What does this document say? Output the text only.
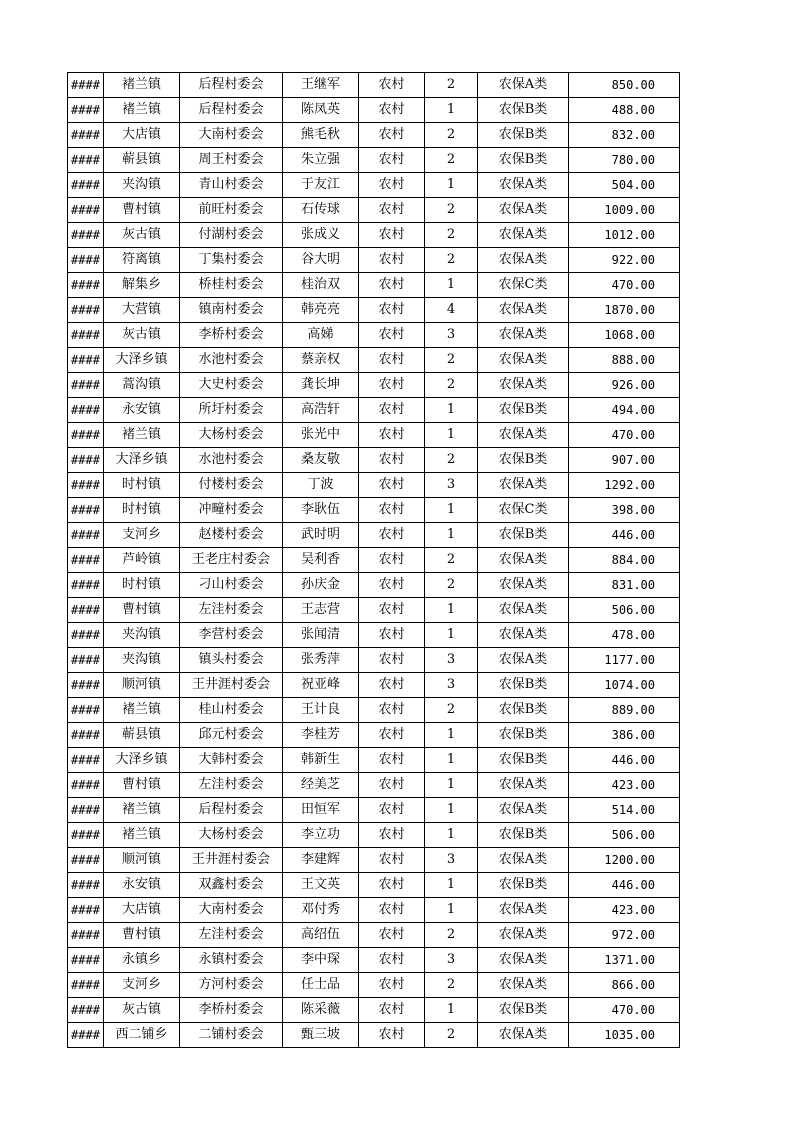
####	褚兰镇	后程村委会	王继军	农村	2	农保A类	850.00
####	褚兰镇	后程村委会	陈凤英	农村	1	农保B类	488.00
####	大店镇	大南村委会	熊毛秋	农村	2	农保B类	832.00
####	蕲县镇	周王村委会	朱立强	农村	2	农保B类	780.00
####	夹沟镇	青山村委会	于友江	农村	1	农保A类	504.00
####	曹村镇	前旺村委会	石传球	农村	2	农保A类	1009.00
####	灰古镇	付湖村委会	张成义	农村	2	农保A类	1012.00
####	符离镇	丁集村委会	谷大明	农村	2	农保A类	922.00
####	解集乡	桥桂村委会	桂治双	农村	1	农保C类	470.00
####	大营镇	镇南村委会	韩亮亮	农村	4	农保A类	1870.00
####	灰古镇	李桥村委会	高娣	农村	3	农保A类	1068.00
####	大泽乡镇	水池村委会	蔡亲权	农村	2	农保A类	888.00
####	蒿沟镇	大史村委会	龚长坤	农村	2	农保A类	926.00
####	永安镇	所圩村委会	高浩轩	农村	1	农保B类	494.00
####	褚兰镇	大杨村委会	张光中	农村	1	农保A类	470.00
####	大泽乡镇	水池村委会	桑友敬	农村	2	农保B类	907.00
####	时村镇	付楼村委会	丁波	农村	3	农保A类	1292.00
####	时村镇	冲疃村委会	李耿伍	农村	1	农保C类	398.00
####	支河乡	赵楼村委会	武时明	农村	1	农保B类	446.00
####	芦岭镇	王老庄村委会	吴利香	农村	2	农保A类	884.00
####	时村镇	刁山村委会	孙庆金	农村	2	农保A类	831.00
####	曹村镇	左洼村委会	王志营	农村	1	农保A类	506.00
####	夹沟镇	李营村委会	张闻清	农村	1	农保A类	478.00
####	夹沟镇	镇头村委会	张秀萍	农村	3	农保A类	1177.00
####	顺河镇	王井涯村委会	祝亚峰	农村	3	农保B类	1074.00
####	褚兰镇	桂山村委会	王计良	农村	2	农保B类	889.00
####	蕲县镇	邱元村委会	李桂芳	农村	1	农保B类	386.00
####	大泽乡镇	大韩村委会	韩新生	农村	1	农保B类	446.00
####	曹村镇	左洼村委会	经美芝	农村	1	农保A类	423.00
####	褚兰镇	后程村委会	田恒军	农村	1	农保A类	514.00
####	褚兰镇	大杨村委会	李立功	农村	1	农保B类	506.00
####	顺河镇	王井涯村委会	李建辉	农村	3	农保A类	1200.00
####	永安镇	双鑫村委会	王文英	农村	1	农保B类	446.00
####	大店镇	大南村委会	邓付秀	农村	1	农保A类	423.00
####	曹村镇	左洼村委会	高绍伍	农村	2	农保A类	972.00
####	永镇乡	永镇村委会	李中琛	农村	3	农保A类	1371.00
####	支河乡	方河村委会	任士品	农村	2	农保A类	866.00
####	灰古镇	李桥村委会	陈采薇	农村	1	农保B类	470.00
####	西二铺乡	二铺村委会	甄三坡	农村	2	农保A类	1035.00
